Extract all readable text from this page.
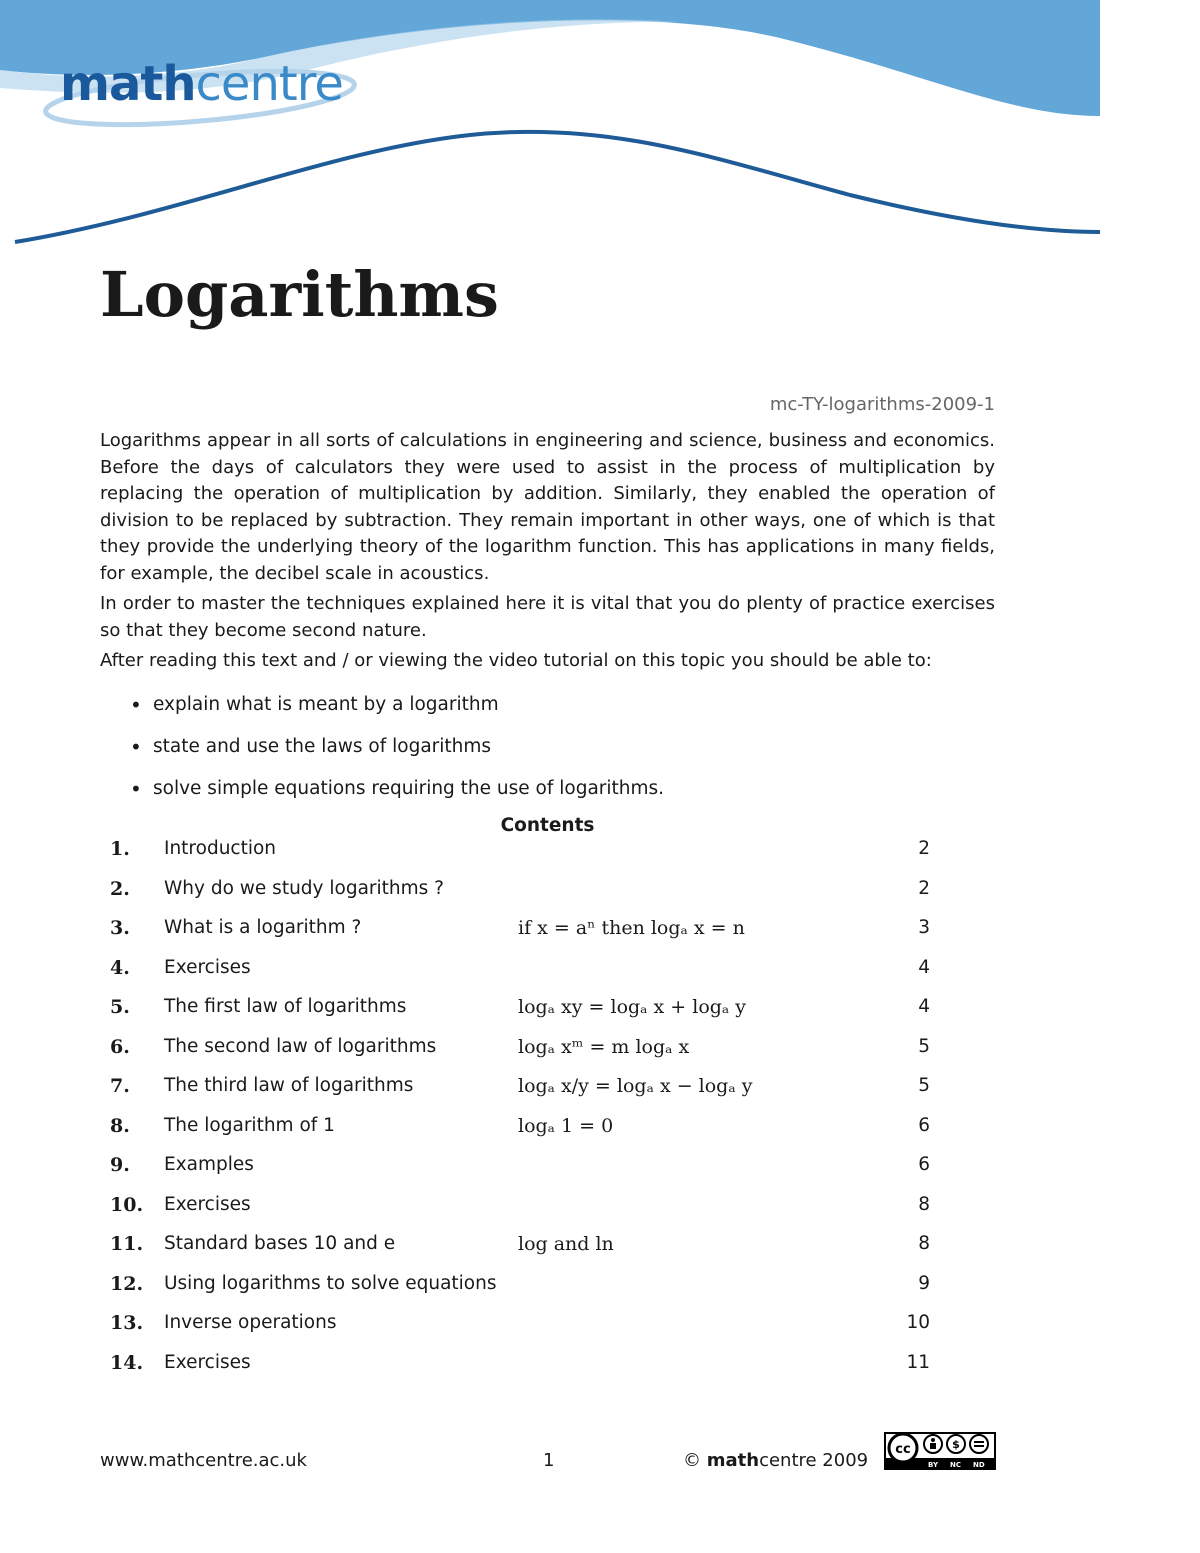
mathcentre
Logarithms
mc-TY-logarithms-2009-1

Logarithms appear in all sorts of calculations in engineering and science, business and economics. Before the days of calculators they were used to assist in the process of multiplication by replacing the operation of multiplication by addition. Similarly, they enabled the operation of division to be replaced by subtraction. They remain important in other ways, one of which is that they provide the underlying theory of the logarithm function. This has applications in many fields, for example, the decibel scale in acoustics.

In order to master the techniques explained here it is vital that you do plenty of practice exercises so that they become second nature.

After reading this text and / or viewing the video tutorial on this topic you should be able to:

• explain what is meant by a logarithm
• state and use the laws of logarithms
• solve simple equations requiring the use of logarithms.
Contents
1. Introduction	2
2. Why do we study logarithms ?	2
3. What is a logarithm ?	if x = aⁿ then logₐ x = n	3
4. Exercises	4
5. The first law of logarithms	logₐ xy = logₐ x + logₐ y	4
6. The second law of logarithms	logₐ xᵐ = m logₐ x	5
7. The third law of logarithms	logₐ x/y = logₐ x − logₐ y	5
8. The logarithm of 1	logₐ 1 = 0	6
9. Examples	6
10. Exercises	8
11. Standard bases 10 and e	log and ln	8
12. Using logarithms to solve equations	9
13. Inverse operations	10
14. Exercises	11
www.mathcentre.ac.uk	1	© mathcentre 2009
cc	$
BY NC ND
